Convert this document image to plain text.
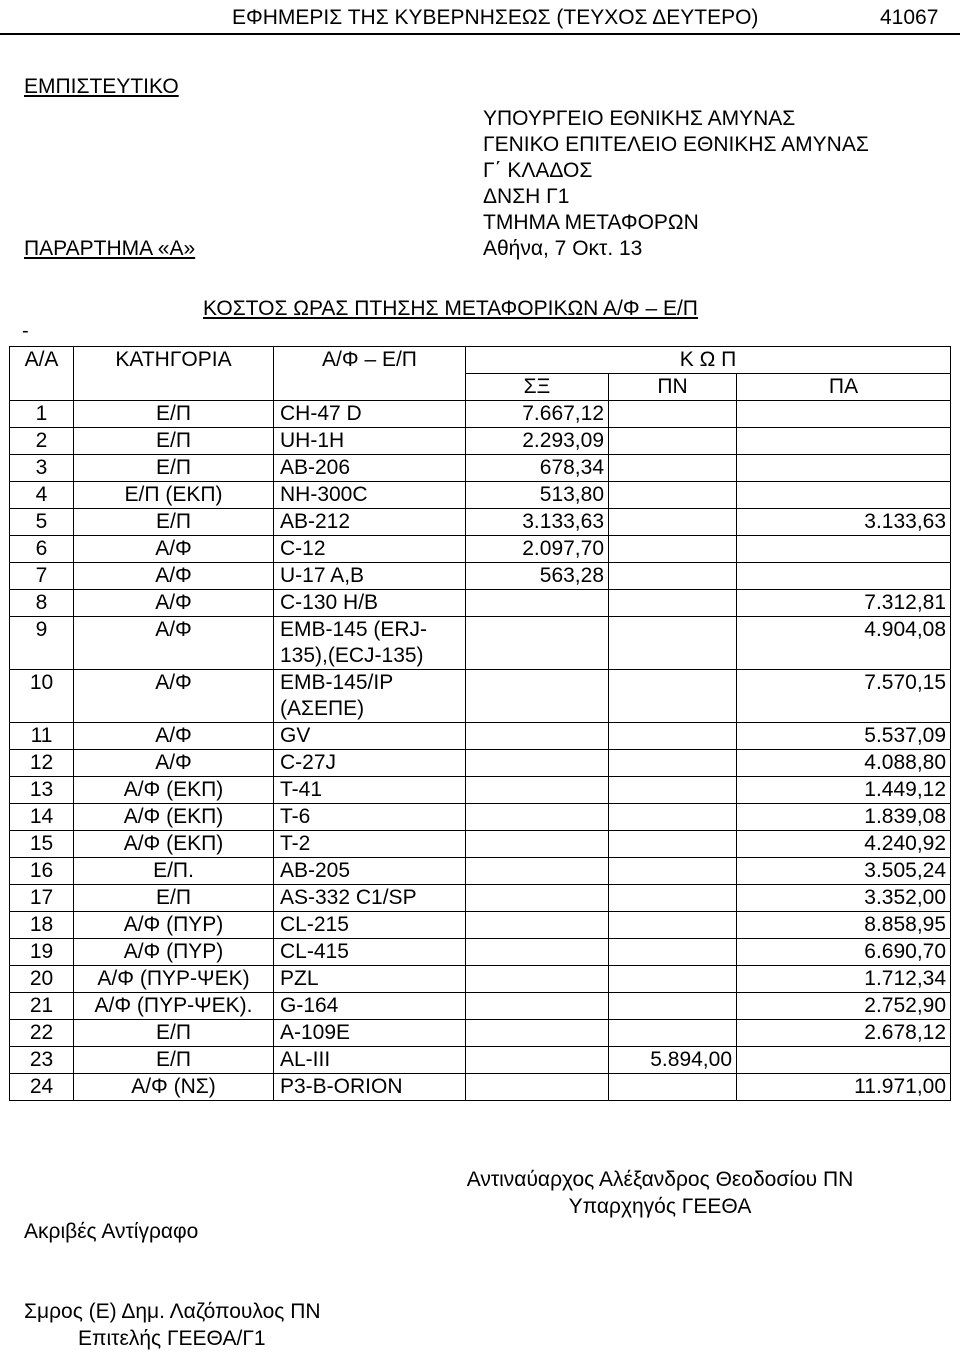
ΕΦΗΜΕΡΙΣ ΤΗΣ ΚΥΒΕΡΝΗΣΕΩΣ (ΤΕΥΧΟΣ ΔΕΥΤΕΡΟ)	41067
ΕΜΠΙΣΤΕΥΤΙΚΟ
ΥΠΟΥΡΓΕΙΟ ΕΘΝΙΚΗΣ ΑΜΥΝΑΣ
ΓΕΝΙΚΟ ΕΠΙΤΕΛΕΙΟ ΕΘΝΙΚΗΣ ΑΜΥΝΑΣ
Γ΄ ΚΛΑΔΟΣ
ΔΝΣΗ Γ1
ΤΜΗΜΑ ΜΕΤΑΦΟΡΩΝ
Αθήνα, 7 Οκτ. 13
ΠΑΡΑΡΤΗΜΑ «Α»
ΚΟΣΤΟΣ ΩΡΑΣ ΠΤΗΣΗΣ ΜΕΤΑΦΟΡΙΚΩΝ Α/Φ – Ε/Π
-
Α/Α	ΚΑΤΗΓΟΡΙΑ	Α/Φ – Ε/Π	Κ Ω Π		
			ΣΞ	ΠΝ	ΠΑ
1	Ε/Π	CH-47 D	7.667,12		
2	Ε/Π	UH-1H	2.293,09		
3	Ε/Π	AB-206	678,34		
4	Ε/Π (ΕΚΠ)	NH-300C	513,80		
5	Ε/Π	AB-212	3.133,63		3.133,63
6	Α/Φ	C-12	2.097,70		
7	Α/Φ	U-17 A,B	563,28		
8	Α/Φ	C-130 H/B			7.312,81
9	Α/Φ	EMB-145 (ERJ-135),(ECJ-135)			4.904,08
10	Α/Φ	EMB-145/IP (ΑΣΕΠΕ)			7.570,15
11	Α/Φ	GV			5.537,09
12	Α/Φ	C-27J			4.088,80
13	Α/Φ (ΕΚΠ)	T-41			1.449,12
14	Α/Φ (ΕΚΠ)	T-6			1.839,08
15	Α/Φ (ΕΚΠ)	T-2			4.240,92
16	Ε/Π.	AB-205			3.505,24
17	Ε/Π	AS-332 C1/SP			3.352,00
18	Α/Φ (ΠΥΡ)	CL-215			8.858,95
19	Α/Φ (ΠΥΡ)	CL-415			6.690,70
20	Α/Φ (ΠΥΡ-ΨΕΚ)	PZL			1.712,34
21	Α/Φ (ΠΥΡ-ΨΕΚ).	G-164			2.752,90
22	Ε/Π	A-109E			2.678,12
23	Ε/Π	AL-III		5.894,00	
24	Α/Φ (ΝΣ)	P3-B-ORION			11.971,00
Αντιναύαρχος Αλέξανδρος Θεοδοσίου ΠΝ
Υπαρχηγός ΓΕΕΘΑ
Ακριβές Αντίγραφο
Σμρος (Ε) Δημ. Λαζόπουλος ΠΝ
Επιτελής ΓΕΕΘΑ/Γ1
